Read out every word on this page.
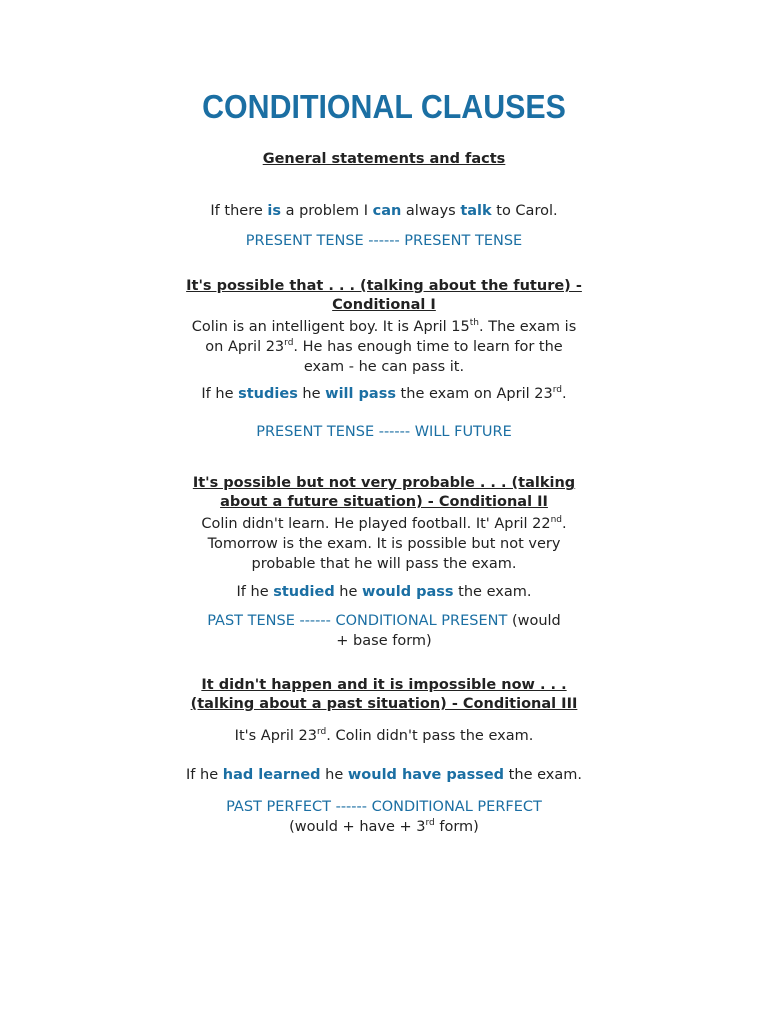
CONDITIONAL CLAUSES
General statements and facts
If there is a problem I can always talk to Carol.
PRESENT TENSE ------ PRESENT TENSE
It's possible that . . . (talking about the future) -
Conditional I
Colin is an intelligent boy. It is April 15th. The exam is
on April 23rd. He has enough time to learn for the
exam - he can pass it.
If he studies he will pass the exam on April 23rd.
PRESENT TENSE ------ WILL FUTURE
It's possible but not very probable . . . (talking
about a future situation) - Conditional II
Colin didn't learn. He played football. It' April 22nd.
Tomorrow is the exam. It is possible but not very
probable that he will pass the exam.
If he studied he would pass the exam.
PAST TENSE ------ CONDITIONAL PRESENT (would
+ base form)
It didn't happen and it is impossible now . . .
(talking about a past situation) - Conditional III
It's April 23rd. Colin didn't pass the exam.
If he had learned he would have passed the exam.
PAST PERFECT ------ CONDITIONAL PERFECT
(would + have + 3rd form)
